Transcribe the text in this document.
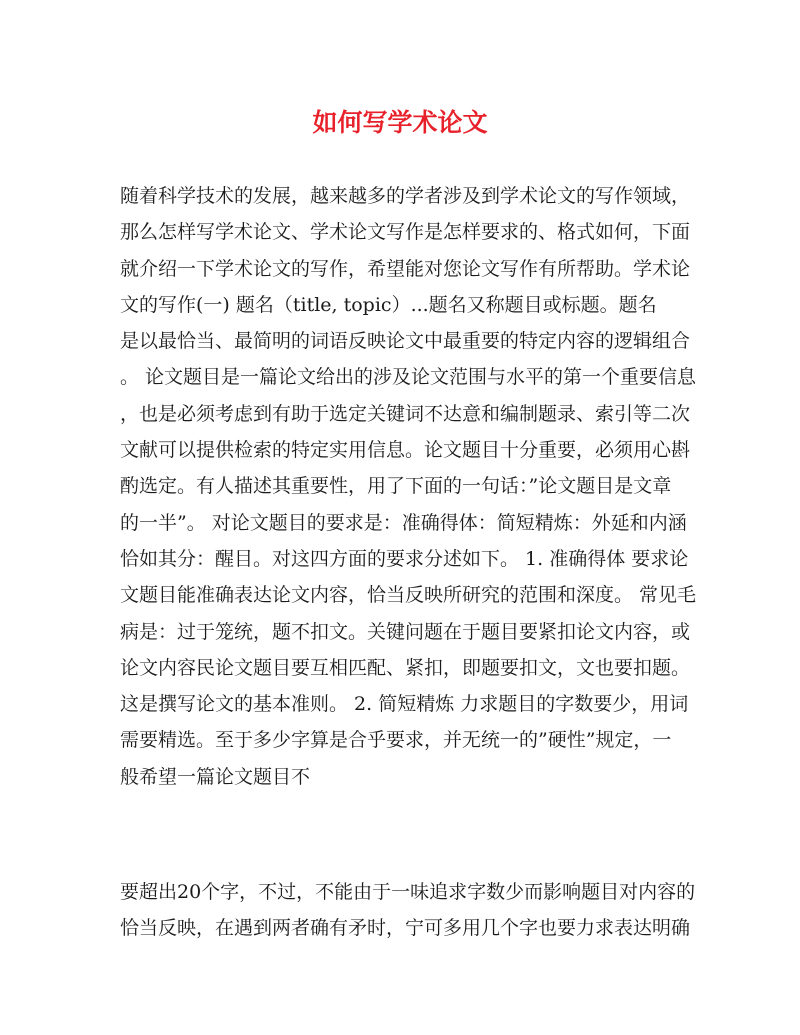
如何写学术论文
随着科学技术的发展，越来越多的学者涉及到学术论文的写作领域，
那么怎样写学术论文、学术论文写作是怎样要求的、格式如何，下面
就介绍一下学术论文的写作，希望能对您论文写作有所帮助。学术论
文的写作(一) 题名（title, topic）...题名又称题目或标题。题名
是以最恰当、最简明的词语反映论文中最重要的特定内容的逻辑组合
。 论文题目是一篇论文给出的涉及论文范围与水平的第一个重要信息
，也是必须考虑到有助于选定关键词不达意和编制题录、索引等二次
文献可以提供检索的特定实用信息。论文题目十分重要，必须用心斟
酌选定。有人描述其重要性，用了下面的一句话：”论文题目是文章
的一半”。 对论文题目的要求是：准确得体：简短精炼：外延和内涵
恰如其分：醒目。对这四方面的要求分述如下。 1. 准确得体 要求论
文题目能准确表达论文内容，恰当反映所研究的范围和深度。 常见毛
病是：过于笼统，题不扣文。关键问题在于题目要紧扣论文内容，或
论文内容民论文题目要互相匹配、紧扣，即题要扣文，文也要扣题。
这是撰写论文的基本准则。 2. 简短精炼 力求题目的字数要少，用词
需要精选。至于多少字算是合乎要求，并无统一的”硬性”规定，一
般希望一篇论文题目不
要超出20个字，不过，不能由于一味追求字数少而影响题目对内容的
恰当反映，在遇到两者确有矛时，宁可多用几个字也要力求表达明确
